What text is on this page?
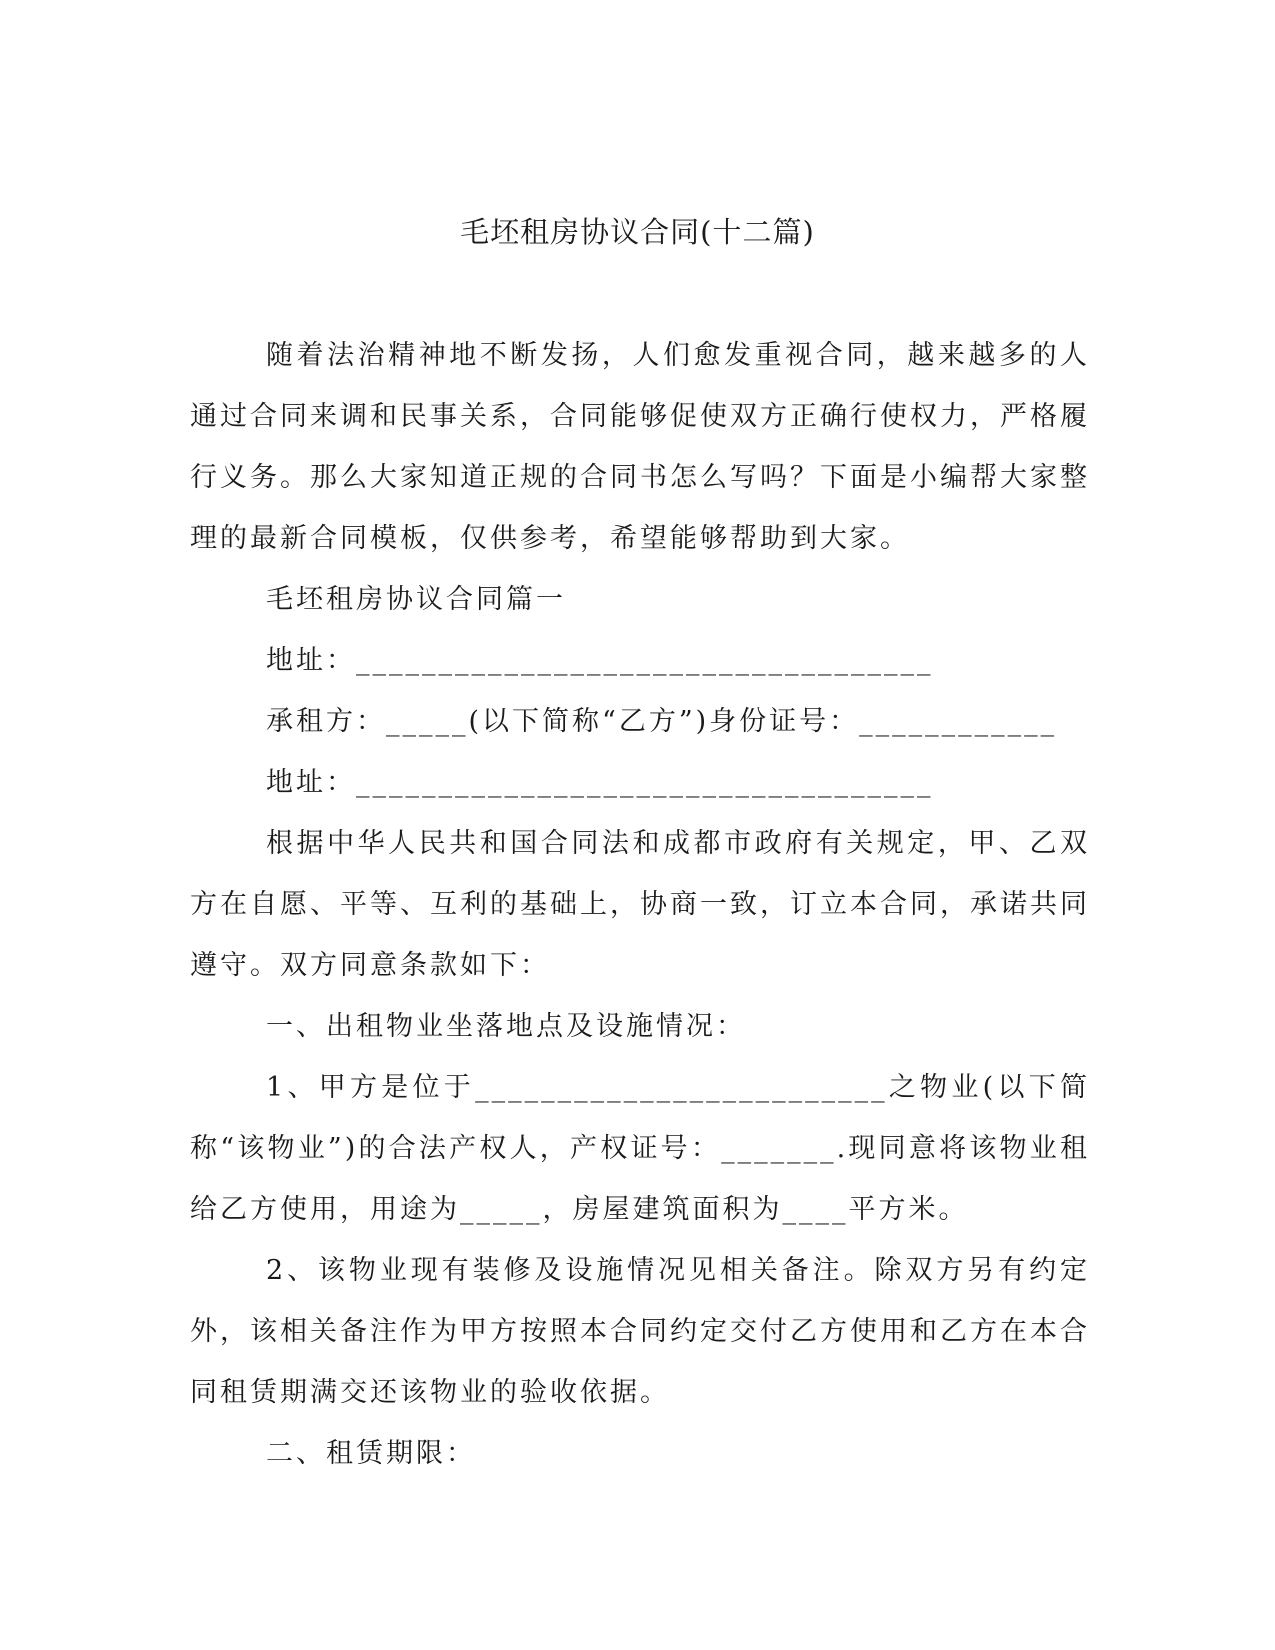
毛坯租房协议合同(十二篇)

随着法治精神地不断发扬，人们愈发重视合同，越来越多的人通过合同来调和民事关系，合同能够促使双方正确行使权力，严格履行义务。那么大家知道正规的合同书怎么写吗？下面是小编帮大家整理的最新合同模板，仅供参考，希望能够帮助到大家。

毛坯租房协议合同篇一

地址：___________________________________

承租方：_____(以下简称“乙方”)身份证号：____________

地址：___________________________________

根据中华人民共和国合同法和成都市政府有关规定，甲、乙双方在自愿、平等、互利的基础上，协商一致，订立本合同，承诺共同遵守。双方同意条款如下：

一、出租物业坐落地点及设施情况：

1、甲方是位于_________________________之物业(以下简称“该物业”)的合法产权人，产权证号：_______.现同意将该物业租给乙方使用，用途为_____，房屋建筑面积为____平方米。

2、该物业现有装修及设施情况见相关备注。除双方另有约定外，该相关备注作为甲方按照本合同约定交付乙方使用和乙方在本合同租赁期满交还该物业的验收依据。

二、租赁期限：
